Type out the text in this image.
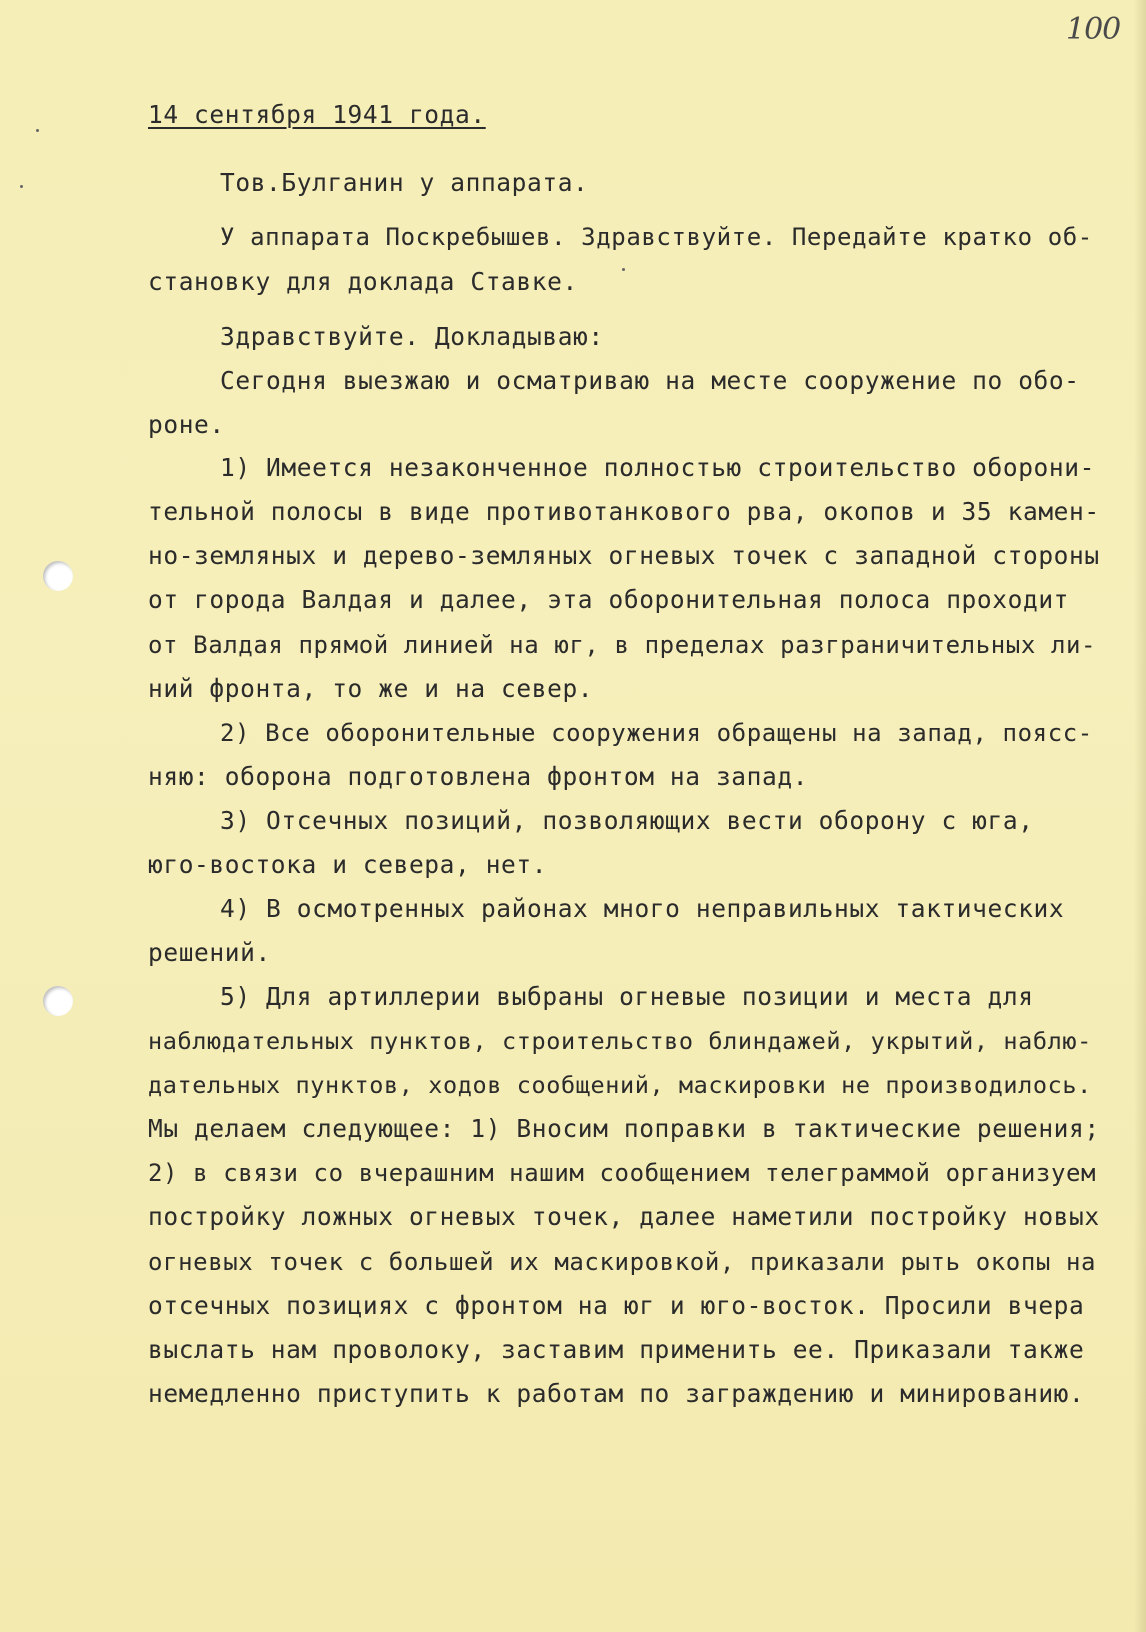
100
14 сентября 1941 года.
Тов.Булганин у аппарата.
У аппарата Поскребышев. Здравствуйте. Передайте кратко об-
становку для доклада Ставке.
Здравствуйте. Докладываю:
Сегодня выезжаю и осматриваю на месте сооружение по обо-
роне.
1) Имеется незаконченное полностью строительство оборони-
тельной полосы в виде противотанкового рва, окопов и 35 камен-
но-земляных и дерево-земляных огневых точек с западной стороны
от города Валдая и далее, эта оборонительная полоса проходит
от Валдая прямой линией на юг, в пределах разграничительных ли-
ний фронта, то же и на север.
2) Все оборонительные сооружения обращены на запад, поясс-
няю: оборона подготовлена фронтом на запад.
3) Отсечных позиций, позволяющих вести оборону с юга,
юго-востока и севера, нет.
4) В осмотренных районах много неправильных тактических
решений.
5) Для артиллерии выбраны огневые позиции и места для
наблюдательных пунктов, строительство блиндажей, укрытий, наблю-
дательных пунктов, ходов сообщений, маскировки не производилось.
Мы делаем следующее: 1) Вносим поправки в тактические решения;
2) в связи со вчерашним нашим сообщением телеграммой организуем
постройку ложных огневых точек, далее наметили постройку новых
огневых точек с большей их маскировкой, приказали рыть окопы на
отсечных позициях с фронтом на юг и юго-восток. Просили вчера
выслать нам проволоку, заставим применить ее. Приказали также
немедленно приступить к работам по заграждению и минированию.
